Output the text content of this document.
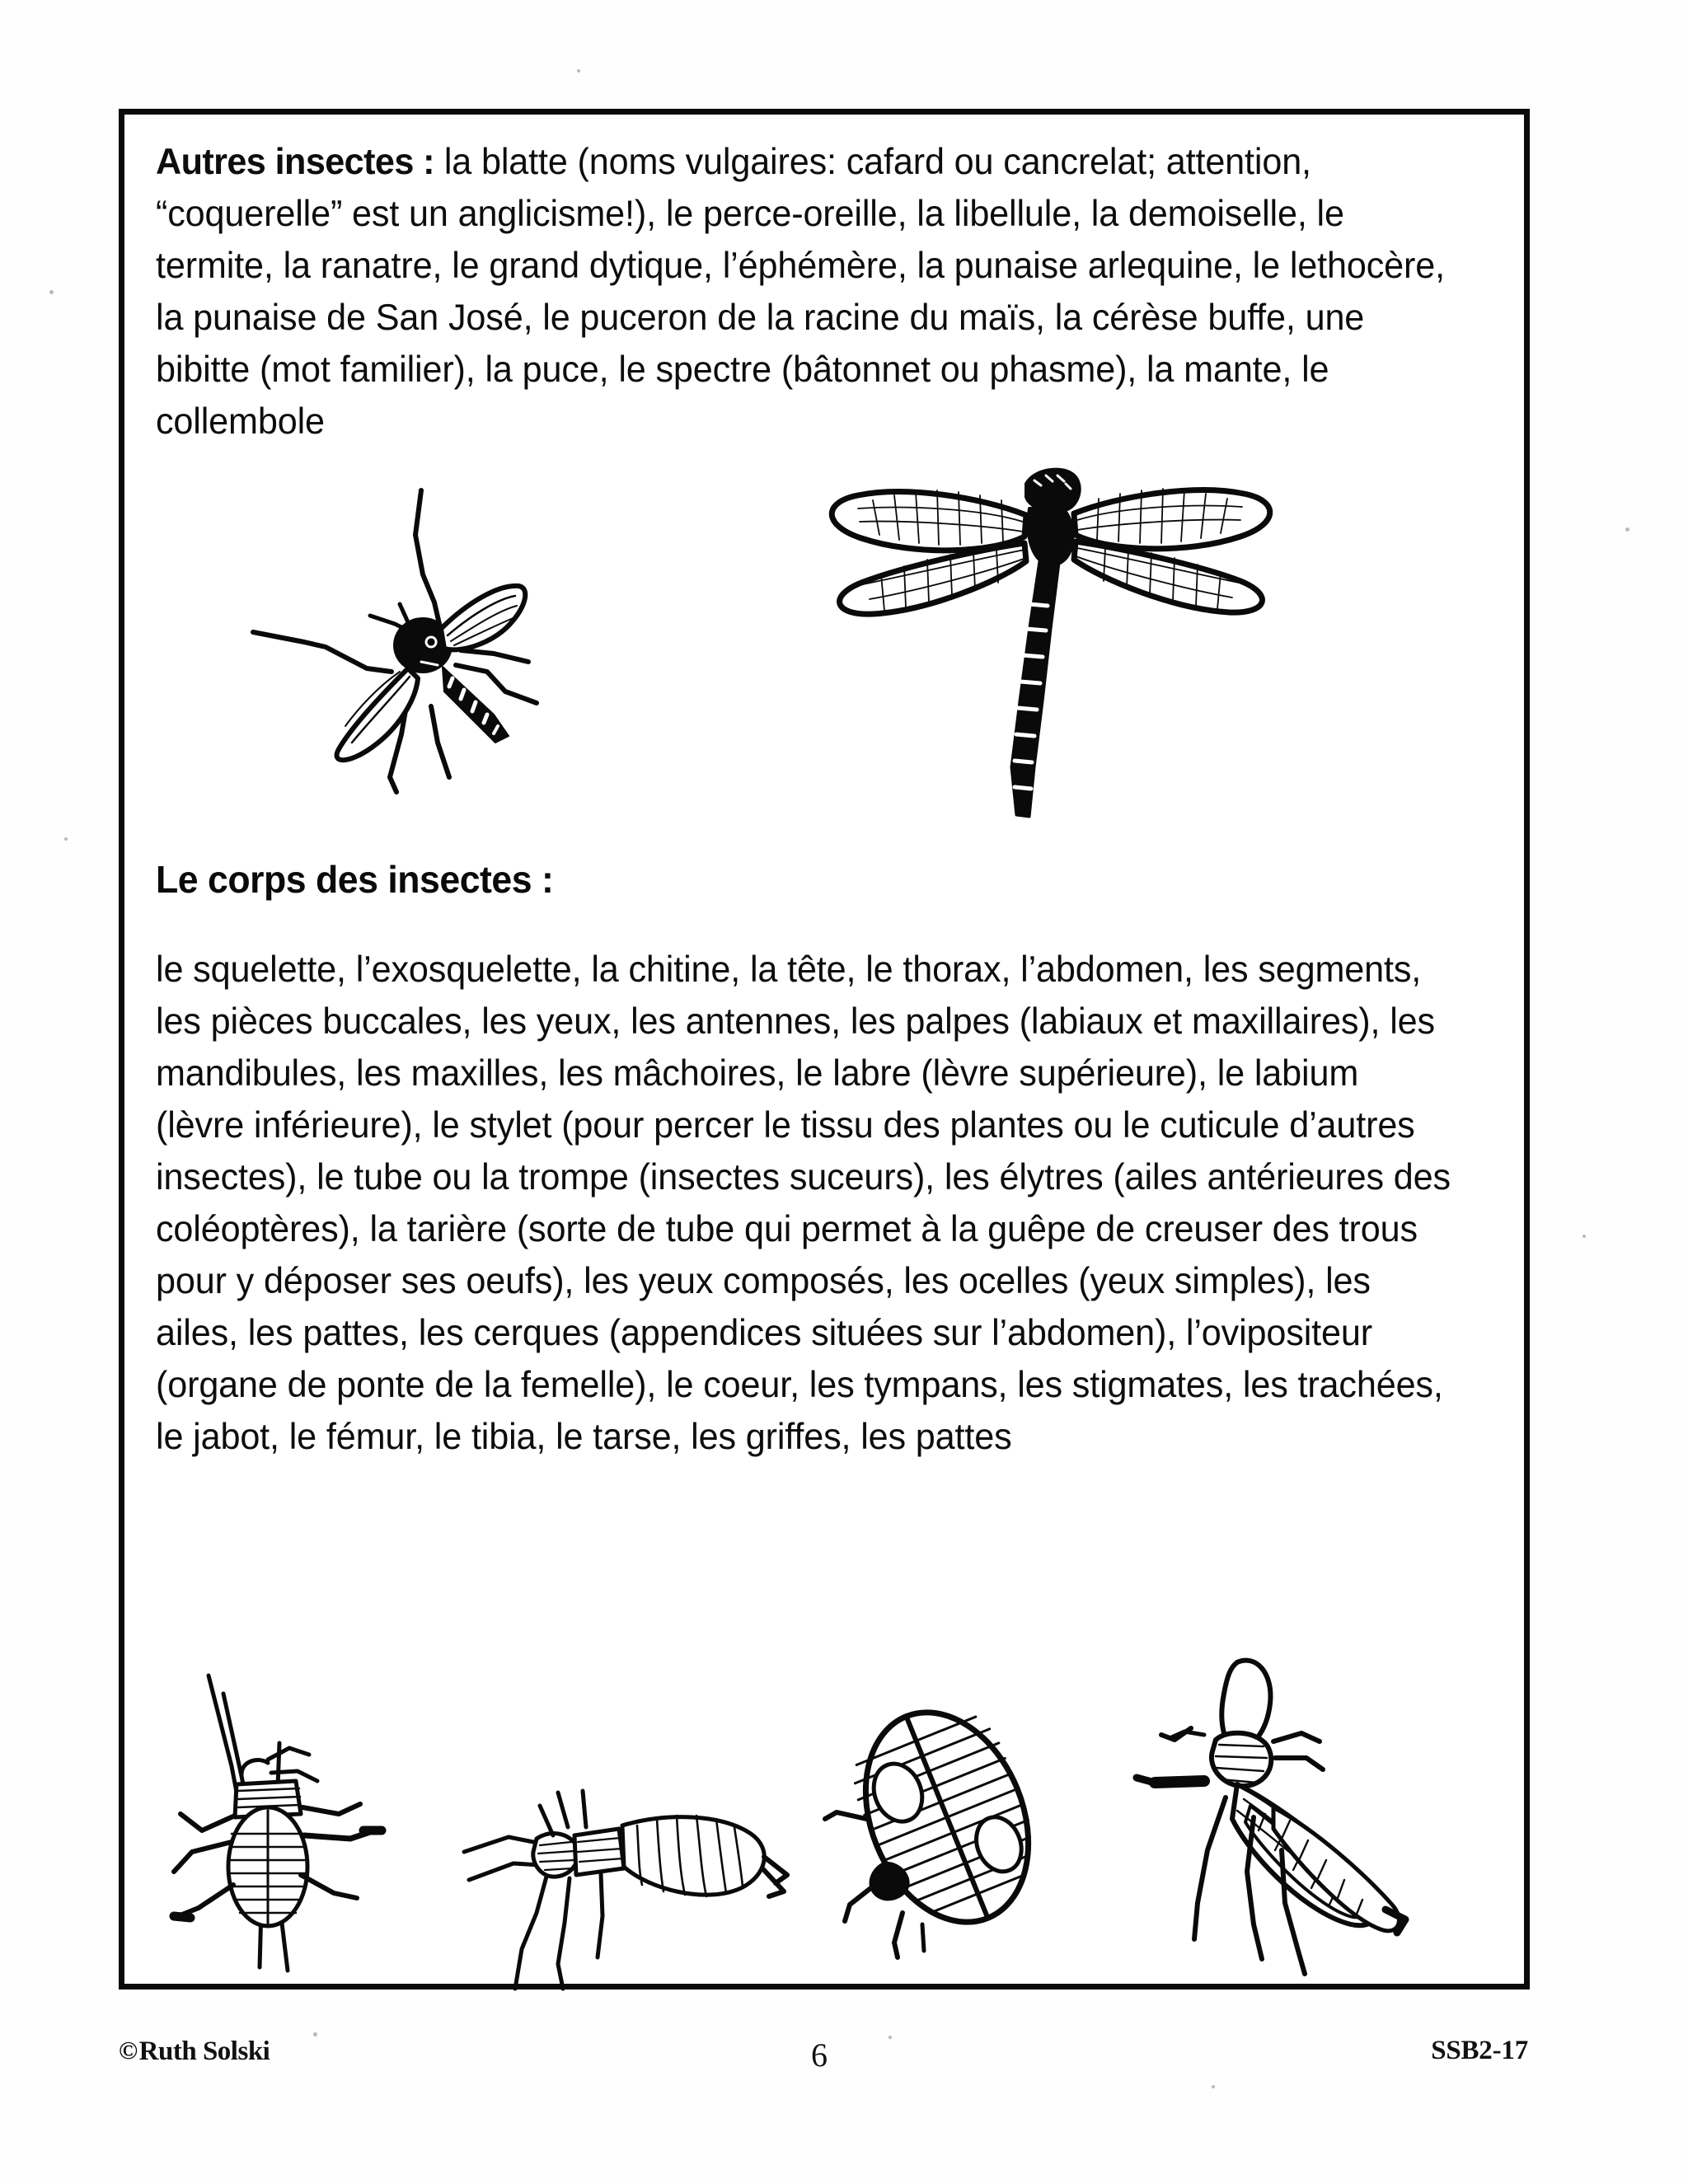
Autres insectes : la blatte (noms vulgaires: cafard ou cancrelat; attention, “coquerelle” est un anglicisme!), le perce-oreille, la libellule, la demoiselle, le termite, la ranatre, le grand dytique, l’éphémère, la punaise arlequine, le lethocère, la punaise de San José, le puceron de la racine du maïs, la cérèse buffe, une bibitte (mot familier), la puce, le spectre (bâtonnet ou phasme), la mante, le collembole

Le corps des insectes :

le squelette, l’exosquelette, la chitine, la tête, le thorax, l’abdomen, les segments, les pièces buccales, les yeux, les antennes, les palpes (labiaux et maxillaires), les mandibules, les maxilles, les mâchoires, le labre (lèvre supérieure), le labium (lèvre inférieure), le stylet (pour percer le tissu des plantes ou le cuticule d’autres insectes), le tube ou la trompe (insectes suceurs), les élytres (ailes antérieures des coléoptères), la tarière (sorte de tube qui permet à la guêpe de creuser des trous pour y déposer ses oeufs), les yeux composés, les ocelles (yeux simples), les ailes, les pattes, les cerques (appendices situées sur l’abdomen), l’ovipositeur (organe de ponte de la femelle), le coeur, les tympans, les stigmates, les trachées, le jabot, le fémur, le tibia, le tarse, les griffes, les pattes

©Ruth Solski	6	SSB2-17
